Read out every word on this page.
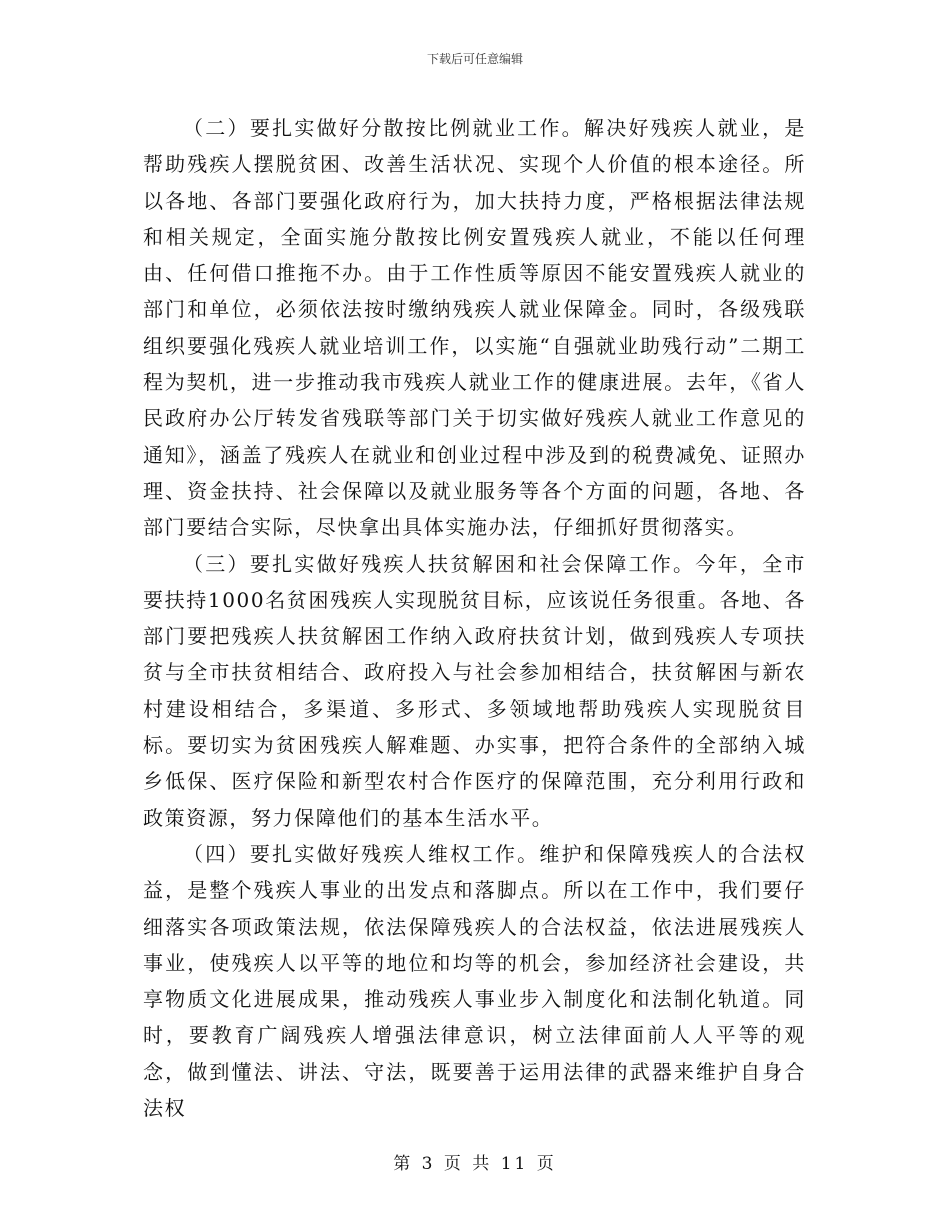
下载后可任意编辑

（二）要扎实做好分散按比例就业工作。解决好残疾人就业，是帮助残疾人摆脱贫困、改善生活状况、实现个人价值的根本途径。所以各地、各部门要强化政府行为，加大扶持力度，严格根据法律法规和相关规定，全面实施分散按比例安置残疾人就业，不能以任何理由、任何借口推拖不办。由于工作性质等原因不能安置残疾人就业的部门和单位，必须依法按时缴纳残疾人就业保障金。同时，各级残联组织要强化残疾人就业培训工作，以实施“自强就业助残行动”二期工程为契机，进一步推动我市残疾人就业工作的健康进展。去年，《省人民政府办公厅转发省残联等部门关于切实做好残疾人就业工作意见的通知》，涵盖了残疾人在就业和创业过程中涉及到的税费减免、证照办理、资金扶持、社会保障以及就业服务等各个方面的问题，各地、各部门要结合实际，尽快拿出具体实施办法，仔细抓好贯彻落实。

（三）要扎实做好残疾人扶贫解困和社会保障工作。今年，全市要扶持1000名贫困残疾人实现脱贫目标，应该说任务很重。各地、各部门要把残疾人扶贫解困工作纳入政府扶贫计划，做到残疾人专项扶贫与全市扶贫相结合、政府投入与社会参加相结合，扶贫解困与新农村建设相结合，多渠道、多形式、多领域地帮助残疾人实现脱贫目标。要切实为贫困残疾人解难题、办实事，把符合条件的全部纳入城乡低保、医疗保险和新型农村合作医疗的保障范围，充分利用行政和政策资源，努力保障他们的基本生活水平。

（四）要扎实做好残疾人维权工作。维护和保障残疾人的合法权益，是整个残疾人事业的出发点和落脚点。所以在工作中，我们要仔细落实各项政策法规，依法保障残疾人的合法权益，依法进展残疾人事业，使残疾人以平等的地位和均等的机会，参加经济社会建设，共享物质文化进展成果，推动残疾人事业步入制度化和法制化轨道。同时，要教育广阔残疾人增强法律意识，树立法律面前人人平等的观念，做到懂法、讲法、守法，既要善于运用法律的武器来维护自身合法权

第 3 页 共 11 页
